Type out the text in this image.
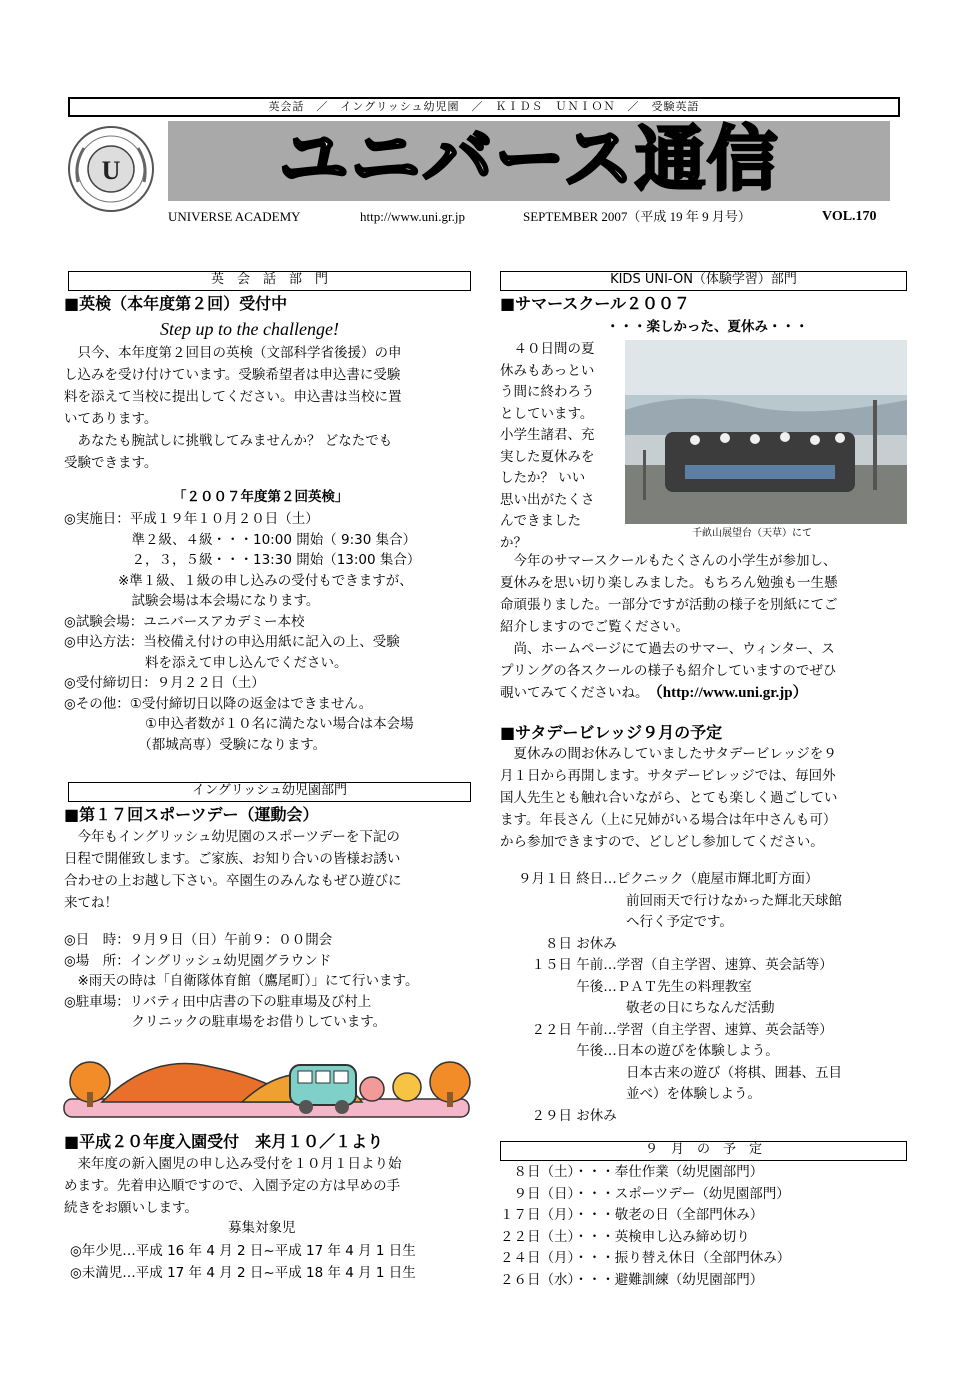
英会話　／　イングリッシュ幼児園　／　ＫＩＤＳ　ＵＮＩＯＮ　／　受験英語
U	ユニバース通信
UNIVERSE ACADEMY	http://www.uni.gr.jp	SEPTEMBER 2007（平成 19 年 9 月号）	VOL.170
英　会　話　部　門
■英検（本年度第２回）受付中
Step up to the challenge!
　只今、本年度第２回目の英検（文部科学省後援）の申
し込みを受け付けています。受験希望者は申込書に受験
料を添えて当校に提出してください。申込書は当校に置
いてあります。
　あなたも腕試しに挑戦してみませんか？ どなたでも
受験できます。
「２００７年度第２回英検」
◎実施日：平成１９年１０月２０日（土）
　　　　　準２級、４級・・・10:00 開始（ 9:30 集合）
　　　　　２，３，５級・・・13:30 開始（13:00 集合）
　　　　※準１級、１級の申し込みの受付もできますが、
　　　　　試験会場は本会場になります。
◎試験会場：ユニバースアカデミー本校
◎申込方法：当校備え付けの申込用紙に記入の上、受験
　　　　　　料を添えて申し込んでください。
◎受付締切日：９月２２日（土）
◎その他：①受付締切日以降の返金はできません。
　　　　　　①申込者数が１０名に満たない場合は本会場
　　　　　　（都城高専）受験になります。
イングリッシュ幼児園部門
■第１７回スポーツデー（運動会）
　今年もイングリッシュ幼児園のスポーツデーを下記の
日程で開催致します。ご家族、お知り合いの皆様お誘い
合わせの上お越し下さい。卒園生のみんなもぜひ遊びに
来てね！
◎日　時：９月９日（日）午前９：００開会
◎場　所：イングリッシュ幼児園グラウンド
　※雨天の時は「自衛隊体育館（鷹尾町）」にて行います。
◎駐車場：リバティ田中店書の下の駐車場及び村上
　　　　　クリニックの駐車場をお借りしています。
■平成２０年度入園受付　来月１０／１より
　来年度の新入園児の申し込み受付を１０月１日より始
めます。先着申込順ですので、入園予定の方は早めの手
続きをお願いします。
募集対象児
◎年少児…平成 16 年 4 月 2 日~平成 17 年 4 月 1 日生
◎未満児…平成 17 年 4 月 2 日~平成 18 年 4 月 1 日生
KIDS UNI-ON（体験学習）部門
■サマースクール２００７
・・・楽しかった、夏休み・・・
　４０日間の夏
休みもあっとい
う間に終わろう
としています。
小学生諸君、充
実した夏休みを
したか？ いい
思い出がたくさ
んできました
か？
千畝山展望台（天草）にて
　今年のサマースクールもたくさんの小学生が参加し、
夏休みを思い切り楽しみました。もちろん勉強も一生懸
命頑張りました。一部分ですが活動の様子を別紙にてご
紹介しますのでご覧ください。
　尚、ホームページにて過去のサマー、ウィンター、ス
プリングの各スクールの様子も紹介していますのでぜひ
覗いてみてくださいね。　 （http://www.uni.gr.jp）
■サタデービレッジ９月の予定
　夏休みの間お休みしていましたサタデービレッジを９
月１日から再開します。サタデービレッジでは、毎回外
国人先生とも触れ合いながら、とても楽しく過ごしてい
ます。年長さん（上に兄姉がいる場合は年中さんも可）
から参加できますので、どしどし参加してください。
９月１日 終日…ピクニック（鹿屋市輝北町方面）
　　　　　　　　前回雨天で行けなかった輝北天球館
　　　　　　　　へ行く予定です。
　　８日 お休み
　１５日 午前…学習（自主学習、速算、英会話等）
　　　　 午後…ＰＡＴ先生の料理教室
　　　　　　　　敬老の日にちなんだ活動
　２２日 午前…学習（自主学習、速算、英会話等）
　　　　 午後…日本の遊びを体験しよう。
　　　　　　　　日本古来の遊び（将棋、囲碁、五目
　　　　　　　　並べ）を体験しよう。
　２９日 お休み
９　月　の　予　定
　８日（土）・・・奉仕作業（幼児園部門）
　９日（日）・・・スポーツデー（幼児園部門）
１７日（月）・・・敬老の日（全部門休み）
２２日（土）・・・英検申し込み締め切り
２４日（月）・・・振り替え休日（全部門休み）
２６日（水）・・・避難訓練（幼児園部門）
